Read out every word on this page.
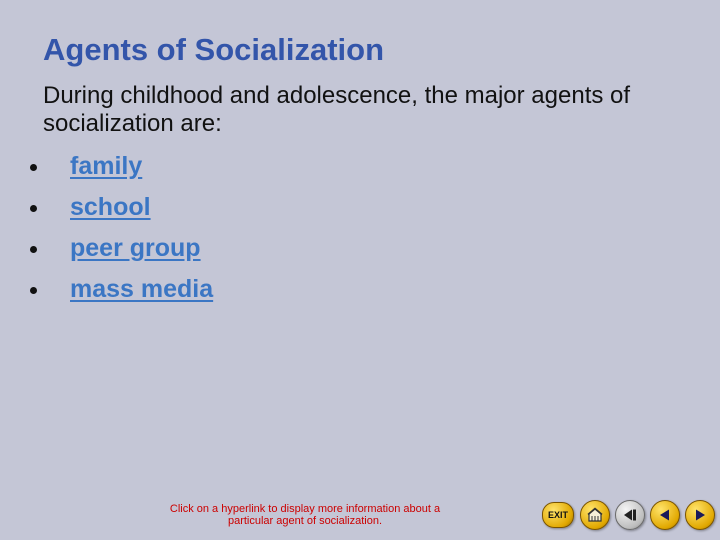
Agents of Socialization

During childhood and adolescence, the major agents of socialization are:

family
school
peer group
mass media

Click on a hyperlink to display more information about a particular agent of socialization.	EXIT
